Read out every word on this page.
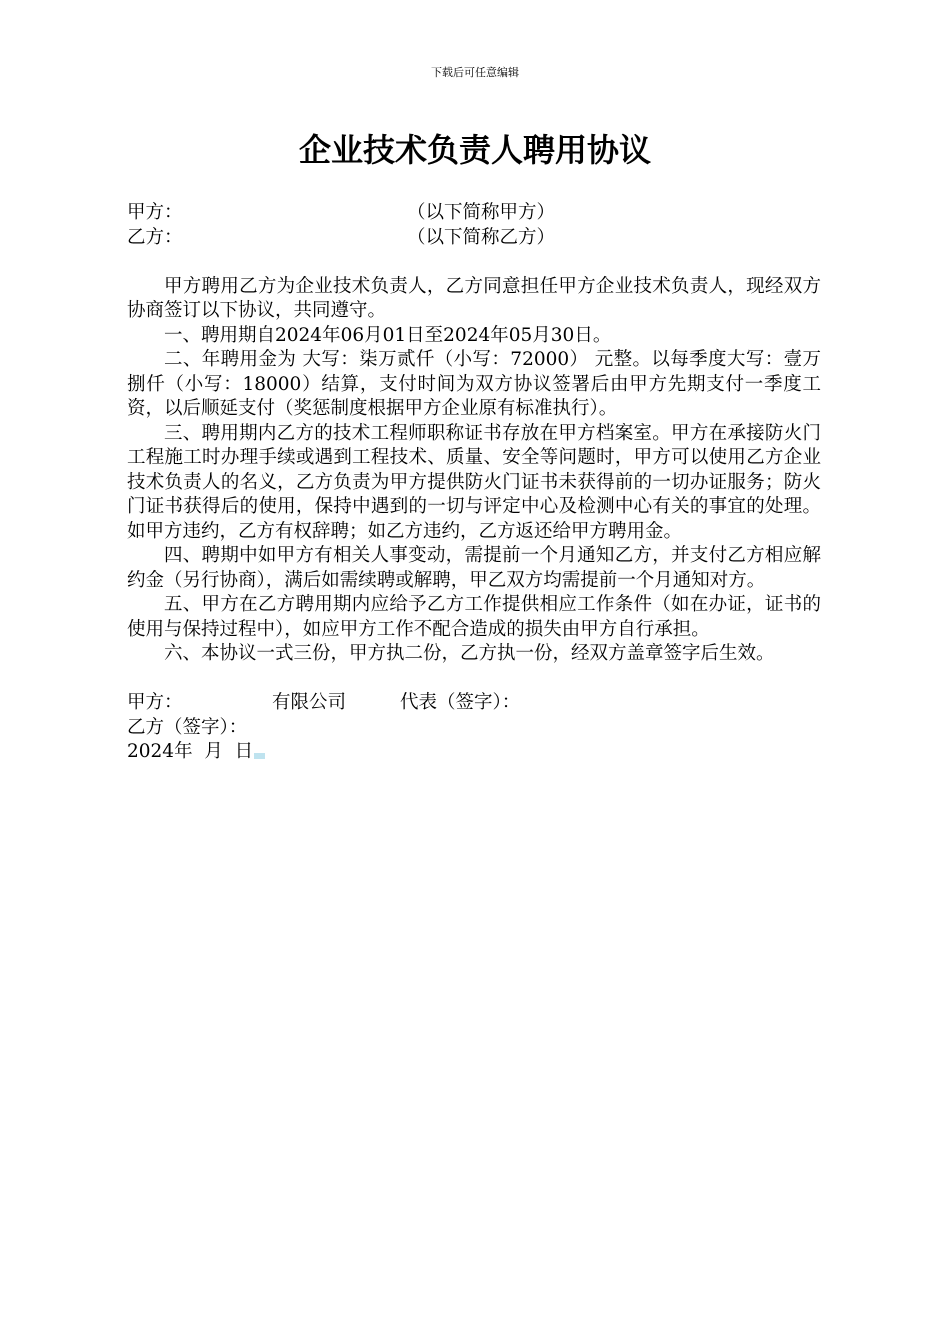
下载后可任意编辑
企业技术负责人聘用协议
甲方：	（以下简称甲方）
乙方：	（以下简称乙方）

甲方聘用乙方为企业技术负责人，乙方同意担任甲方企业技术负责人，现经双方协商签订以下协议，共同遵守。

一、聘用期自2024年06月01日至2024年05月30日。

二、年聘用金为 大写：柒万贰仟（小写：72000） 元整。以每季度大写：壹万捌仟（小写：18000）结算，支付时间为双方协议签署后由甲方先期支付一季度工资，以后顺延支付（奖惩制度根据甲方企业原有标准执行）。

三、聘用期内乙方的技术工程师职称证书存放在甲方档案室。甲方在承接防火门工程施工时办理手续或遇到工程技术、质量、安全等问题时，甲方可以使用乙方企业技术负责人的名义，乙方负责为甲方提供防火门证书未获得前的一切办证服务；防火门证书获得后的使用，保持中遇到的一切与评定中心及检测中心有关的事宜的处理。如甲方违约，乙方有权辞聘；如乙方违约，乙方返还给甲方聘用金。

四、聘期中如甲方有相关人事变动，需提前一个月通知乙方，并支付乙方相应解约金（另行协商），满后如需续聘或解聘，甲乙双方均需提前一个月通知对方。

五、甲方在乙方聘用期内应给予乙方工作提供相应工作条件（如在办证，证书的使用与保持过程中），如应甲方工作不配合造成的损失由甲方自行承担。

六、本协议一式三份，甲方执二份，乙方执一份，经双方盖章签字后生效。

甲方：	有限公司	代表（签字）：
乙方（签字）：
2024年  月  日
